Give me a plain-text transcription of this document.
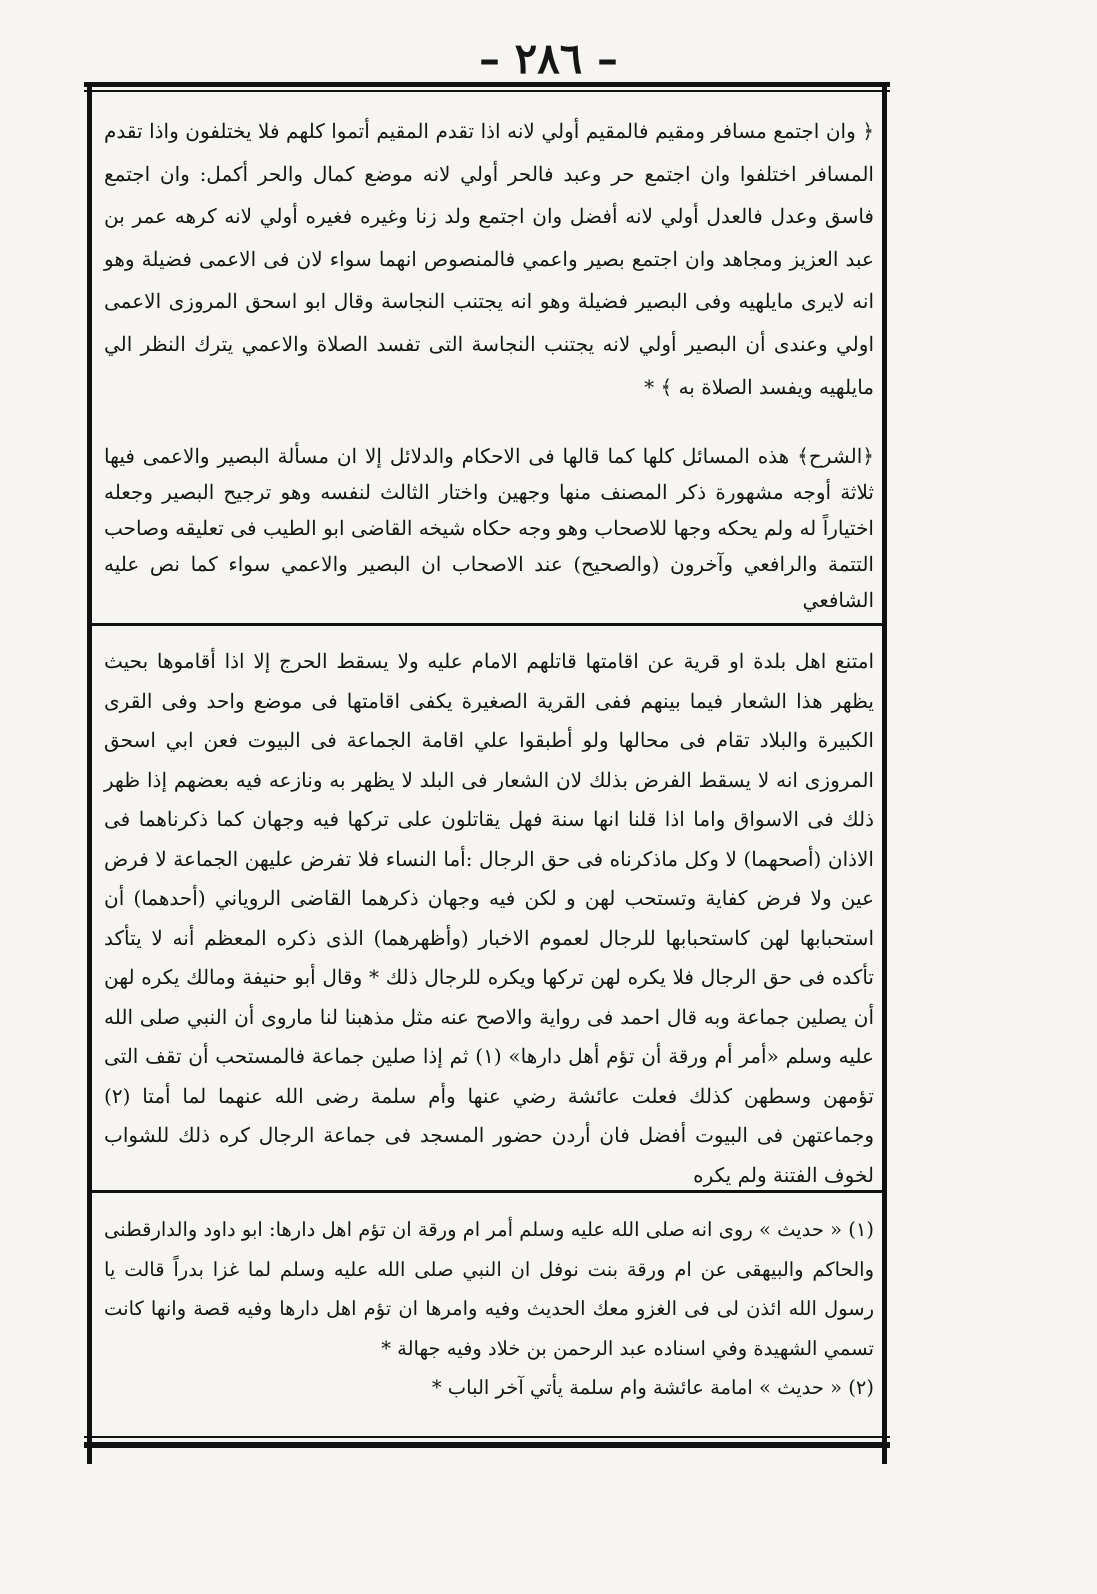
– ٢٨٦ –

﴿ وان اجتمع مسافر ومقيم فالمقيم أولي لانه اذا تقدم المقيم أتموا كلهم فلا يختلفون واذا تقدم المسافر اختلفوا وان اجتمع حر وعبد فالحر أولي لانه موضع كمال والحر أكمل: وان اجتمع فاسق وعدل فالعدل أولي لانه أفضل وان اجتمع ولد زنا وغيره فغيره أولي لانه كرهه عمر بن عبد العزيز ومجاهد وان اجتمع بصير واعمي فالمنصوص انهما سواء لان فى الاعمى فضيلة وهو انه لايرى مايلهيه وفى البصير فضيلة وهو انه يجتنب النجاسة وقال ابو اسحق المروزى الاعمى اولي وعندى أن البصير أولي لانه يجتنب النجاسة التى تفسد الصلاة والاعمي يترك النظر الي مايلهيه ويفسد الصلاة به ﴾ *

﴿الشرح﴾ هذه المسائل كلها كما قالها فى الاحكام والدلائل إلا ان مسألة البصير والاعمى فيها ثلاثة أوجه مشهورة ذكر المصنف منها وجهين واختار الثالث لنفسه وهو ترجيح البصير وجعله اختياراً له ولم يحكه وجها للاصحاب وهو وجه حكاه شيخه القاضى ابو الطيب فى تعليقه وصاحب التتمة والرافعي وآخرون (والصحيح) عند الاصحاب ان البصير والاعمي سواء كما نص عليه الشافعي

امتنع اهل بلدة او قرية عن اقامتها قاتلهم الامام عليه ولا يسقط الحرج إلا اذا أقاموها بحيث يظهر هذا الشعار فيما بينهم ففى القرية الصغيرة يكفى اقامتها فى موضع واحد وفى القرى الكبيرة والبلاد تقام فى محالها ولو أطبقوا علي اقامة الجماعة فى البيوت فعن ابي اسحق المروزى انه لا يسقط الفرض بذلك لان الشعار فى البلد لا يظهر به ونازعه فيه بعضهم إذا ظهر ذلك فى الاسواق واما اذا قلنا انها سنة فهل يقاتلون على تركها فيه وجهان كما ذكرناهما فى الاذان (أصحهما) لا وكل ماذكرناه فى حق الرجال :أما النساء فلا تفرض عليهن الجماعة لا فرض عين ولا فرض كفاية وتستحب لهن و لكن فيه وجهان ذكرهما القاضى الروياني (أحدهما) أن استحبابها لهن كاستحبابها للرجال لعموم الاخبار (وأظهرهما) الذى ذكره المعظم أنه لا يتأكد تأكده فى حق الرجال فلا يكره لهن تركها ويكره للرجال ذلك * وقال أبو حنيفة ومالك يكره لهن أن يصلين جماعة وبه قال احمد فى رواية والاصح عنه مثل مذهبنا لنا ماروى أن النبي صلى الله عليه وسلم «أمر أم ورقة أن تؤم أهل دارها» (١) ثم إذا صلين جماعة فالمستحب أن تقف التى تؤمهن وسطهن كذلك فعلت عائشة رضي عنها وأم سلمة رضى الله عنهما لما أمتا (٢) وجماعتهن فى البيوت أفضل فان أردن حضور المسجد فى جماعة الرجال كره ذلك للشواب لخوف الفتنة ولم يكره

(١) « حديث » روى انه صلى الله عليه وسلم أمر ام ورقة ان تؤم اهل دارها: ابو داود والدارقطنى والحاكم والبيهقى عن ام ورقة بنت نوفل ان النبي صلى الله عليه وسلم لما غزا بدراً قالت يا رسول الله ائذن لى فى الغزو معك الحديث وفيه وامرها ان تؤم اهل دارها وفيه قصة وانها كانت تسمي الشهيدة وفي اسناده عبد الرحمن بن خلاد وفيه جهالة *
(٢) « حديث » امامة عائشة وام سلمة يأتي آخر الباب *
